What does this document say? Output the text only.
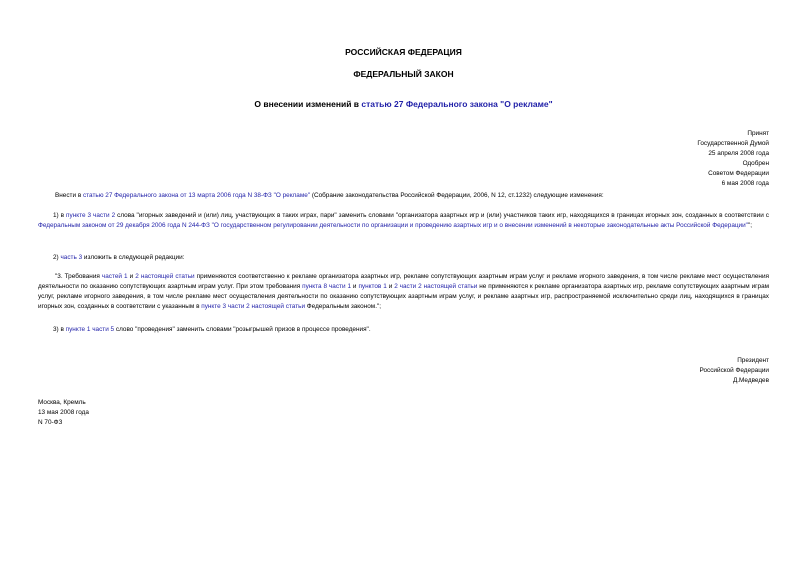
РОССИЙСКАЯ ФЕДЕРАЦИЯ
ФЕДЕРАЛЬНЫЙ ЗАКОН
О внесении изменений в статью 27 Федерального закона "О рекламе"
Принят
Государственной Думой
25 апреля 2008 года
Одобрен
Советом Федерации
6 мая 2008 года
Внести в статью 27 Федерального закона от 13 марта 2006 года N 38-ФЗ "О рекламе" (Собрание законодательства Российской Федерации, 2006, N 12, ст.1232) следующие изменения:
1) в пункте 3 части 2 слова "игорных заведений и (или) лиц, участвующих в таких играх, пари" заменить словами "организатора азартных игр и (или) участников таких игр, находящихся в границах игорных зон, созданных в соответствии с Федеральным законом от 29 декабря 2006 года N 244-ФЗ "О государственном регулировании деятельности по организации и проведению азартных игр и о внесении изменений в некоторые законодательные акты Российской Федерации"";
2) часть 3 изложить в следующей редакции:
"3. Требования частей 1 и 2 настоящей статьи применяются соответственно к рекламе организатора азартных игр, рекламе сопутствующих азартным играм услуг и рекламе игорного заведения, в том числе рекламе мест осуществления деятельности по оказанию сопутствующих азартным играм услуг. При этом требования пункта 8 части 1 и пунктов 1 и 2 части 2 настоящей статьи не применяются к рекламе организатора азартных игр, рекламе сопутствующих азартным играм услуг, рекламе игорного заведения, в том числе рекламе мест осуществления деятельности по оказанию сопутствующих азартным играм услуг, и рекламе азартных игр, распространяемой исключительно среди лиц, находящихся в границах игорных зон, созданных в соответствии с указанным в пункте 3 части 2 настоящей статьи Федеральным законом.";
3) в пункте 1 части 5 слово "проведения" заменить словами "розыгрышей призов в процессе проведения".
Президент
Российской Федерации
Д.Медведев
Москва, Кремль
13 мая 2008 года
N 70-ФЗ
